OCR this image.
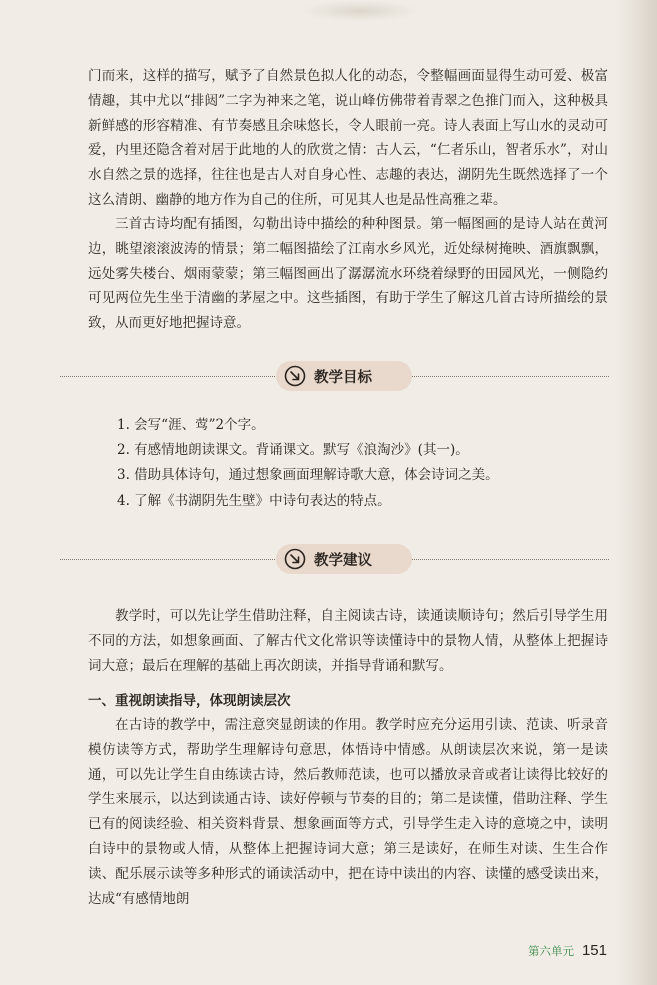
门而来，这样的描写，赋予了自然景色拟人化的动态，令整幅画面显得生动可爱、极富情趣，其中尤以“排闼”二字为神来之笔，说山峰仿佛带着青翠之色推门而入，这种极具新鲜感的形容精准、有节奏感且余味悠长，令人眼前一亮。诗人表面上写山水的灵动可爱，内里还隐含着对居于此地的人的欣赏之情：古人云，“仁者乐山，智者乐水”，对山水自然之景的选择，往往也是古人对自身心性、志趣的表达，湖阴先生既然选择了一个这么清朗、幽静的地方作为自己的住所，可见其人也是品性高雅之辈。

三首古诗均配有插图，勾勒出诗中描绘的种种图景。第一幅图画的是诗人站在黄河边，眺望滚滚波涛的情景；第二幅图描绘了江南水乡风光，近处绿树掩映、酒旗飘飘，远处雾失楼台、烟雨蒙蒙；第三幅图画出了潺潺流水环绕着绿野的田园风光，一侧隐约可见两位先生坐于清幽的茅屋之中。这些插图，有助于学生了解这几首古诗所描绘的景致，从而更好地把握诗意。

教学目标
1. 会写“涯、莺”2个字。
2. 有感情地朗读课文。背诵课文。默写《浪淘沙》(其一)。
3. 借助具体诗句，通过想象画面理解诗歌大意，体会诗词之美。
4. 了解《书湖阴先生壁》中诗句表达的特点。
教学建议

教学时，可以先让学生借助注释，自主阅读古诗，读通读顺诗句；然后引导学生用不同的方法，如想象画面、了解古代文化常识等读懂诗中的景物人情，从整体上把握诗词大意；最后在理解的基础上再次朗读，并指导背诵和默写。

一、重视朗读指导，体现朗读层次

在古诗的教学中，需注意突显朗读的作用。教学时应充分运用引读、范读、听录音模仿读等方式，帮助学生理解诗句意思，体悟诗中情感。从朗读层次来说，第一是读通，可以先让学生自由练读古诗，然后教师范读，也可以播放录音或者让读得比较好的学生来展示，以达到读通古诗、读好停顿与节奏的目的；第二是读懂，借助注释、学生已有的阅读经验、相关资料背景、想象画面等方式，引导学生走入诗的意境之中，读明白诗中的景物或人情，从整体上把握诗词大意；第三是读好，在师生对读、生生合作读、配乐展示读等多种形式的诵读活动中，把在诗中读出的内容、读懂的感受读出来，达成“有感情地朗

第六单元 151
